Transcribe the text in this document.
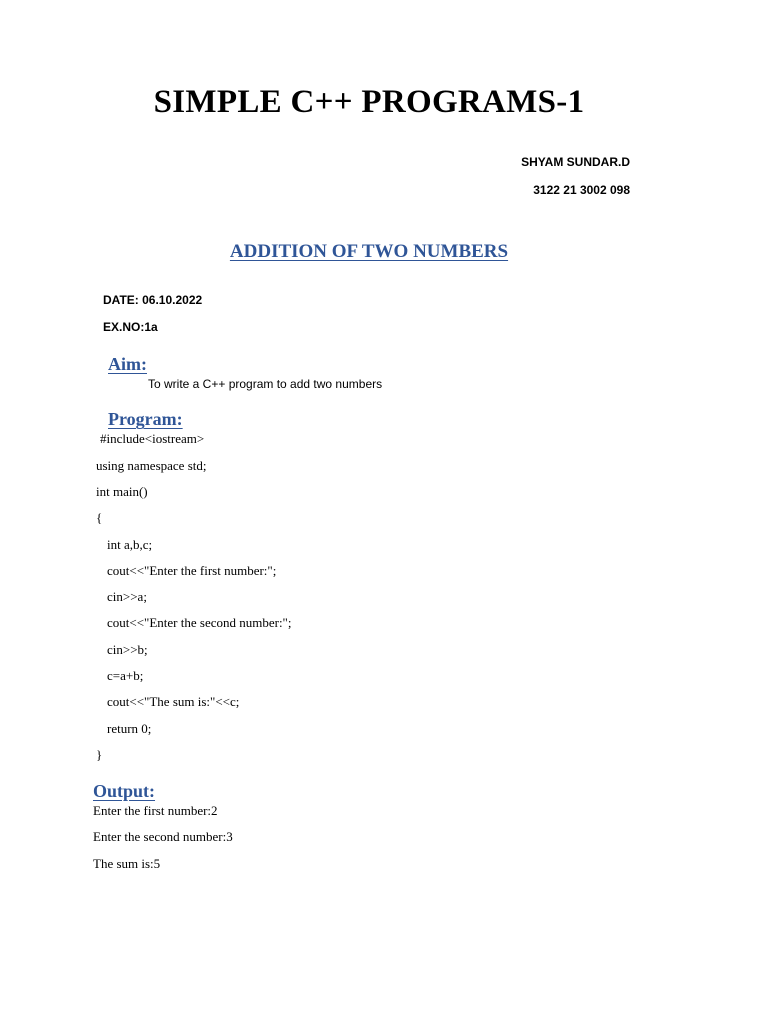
SIMPLE C++ PROGRAMS-1
SHYAM SUNDAR.D
3122 21 3002 098
ADDITION OF TWO NUMBERS
DATE: 06.10.2022
EX.NO:1a
Aim:
To write a C++ program to add two numbers
Program:
#include<iostream>
using namespace std;
int main()
{
int a,b,c;
cout<<"Enter the first number:";
cin>>a;
cout<<"Enter the second number:";
cin>>b;
c=a+b;
cout<<"The sum is:"<<c;
return 0;
}
Output:
Enter the first number:2
Enter the second number:3
The sum is:5
